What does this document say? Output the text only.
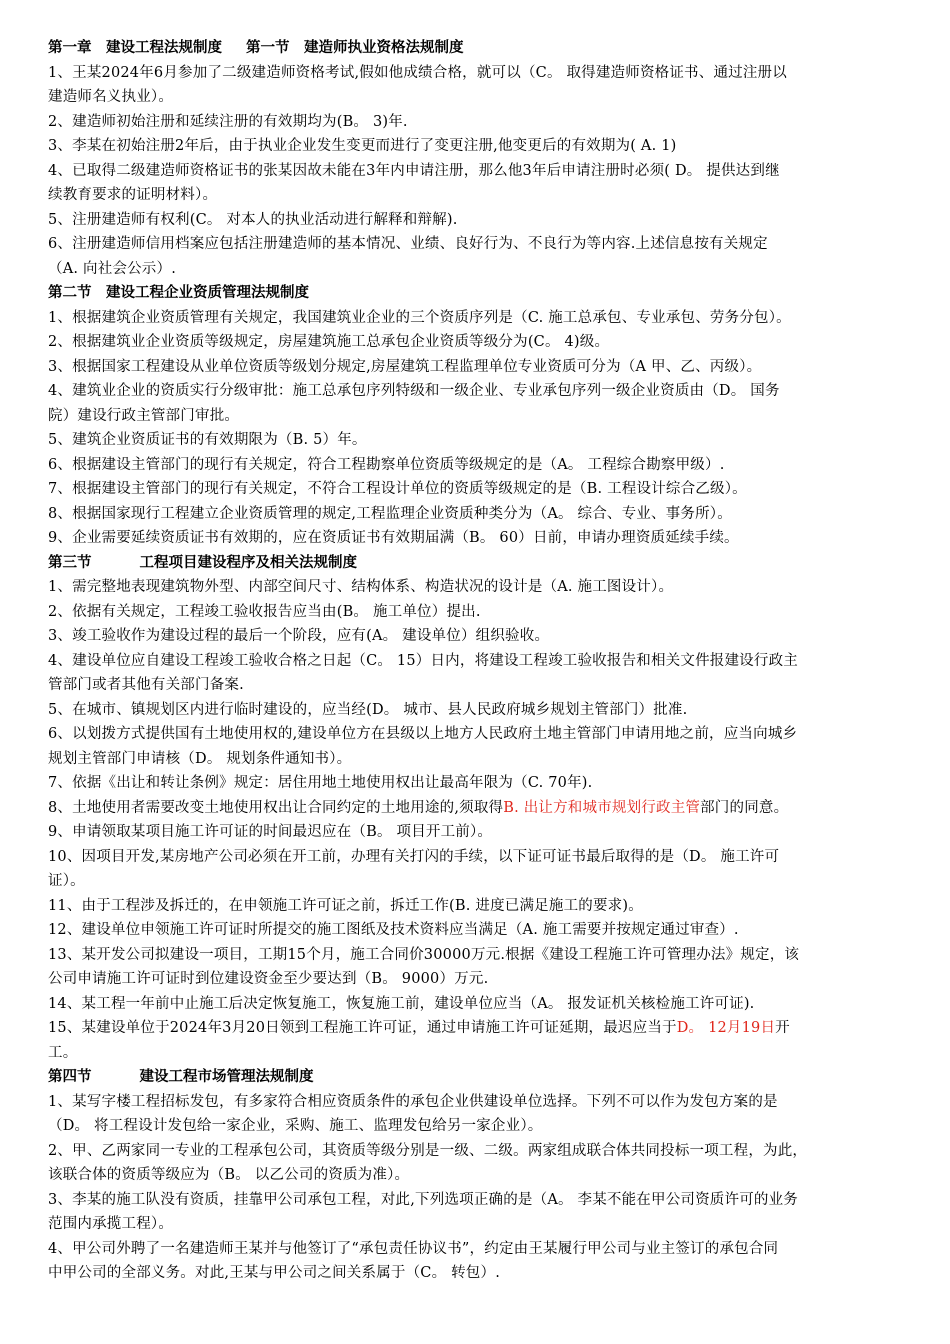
第一章　建设工程法规制度 第一节　建造师执业资格法规制度
1、王某2024年6月参加了二级建造师资格考试,假如他成绩合格，就可以（C。 取得建造师资格证书、通过注册以
建造师名义执业）。
2、建造师初始注册和延续注册的有效期均为(B。 3)年.
3、李某在初始注册2年后，由于执业企业发生变更而进行了变更注册,他变更后的有效期为( A. 1)
4、已取得二级建造师资格证书的张某因故未能在3年内申请注册，那么他3年后申请注册时必须( D。 提供达到继
续教育要求的证明材料）。
5、注册建造师有权利(C。 对本人的执业活动进行解释和辩解).
6、注册建造师信用档案应包括注册建造师的基本情况、业绩、良好行为、不良行为等内容.上述信息按有关规定
（A. 向社会公示）.
第二节　建设工程企业资质管理法规制度
1、根据建筑企业资质管理有关规定，我国建筑业企业的三个资质序列是（C. 施工总承包、专业承包、劳务分包）。
2、根据建筑业企业资质等级规定，房屋建筑施工总承包企业资质等级分为(C。 4)级。
3、根据国家工程建设从业单位资质等级划分规定,房屋建筑工程监理单位专业资质可分为（A 甲、乙、丙级）。
4、建筑业企业的资质实行分级审批：施工总承包序列特级和一级企业、专业承包序列一级企业资质由（D。 国务
院）建设行政主管部门审批。
5、建筑企业资质证书的有效期限为（B. 5）年。
6、根据建设主管部门的现行有关规定，符合工程勘察单位资质等级规定的是（A。 工程综合勘察甲级）.
7、根据建设主管部门的现行有关规定，不符合工程设计单位的资质等级规定的是（B. 工程设计综合乙级）。
8、根据国家现行工程建立企业资质管理的规定,工程监理企业资质种类分为（A。 综合、专业、事务所）。
9、企业需要延续资质证书有效期的，应在资质证书有效期届满（B。 60）日前，申请办理资质延续手续。
第三节	工程项目建设程序及相关法规制度
1、需完整地表现建筑物外型、内部空间尺寸、结构体系、构造状况的设计是（A. 施工图设计）。
2、依据有关规定，工程竣工验收报告应当由(B。 施工单位）提出.
3、竣工验收作为建设过程的最后一个阶段，应有(A。 建设单位）组织验收。
4、建设单位应自建设工程竣工验收合格之日起（C。 15）日内，将建设工程竣工验收报告和相关文件报建设行政主
管部门或者其他有关部门备案.
5、在城市、镇规划区内进行临时建设的，应当经(D。 城市、县人民政府城乡规划主管部门）批准.
6、以划拨方式提供国有土地使用权的,建设单位方在县级以上地方人民政府土地主管部门申请用地之前，应当向城乡
规划主管部门申请核（D。 规划条件通知书）。
7、依据《出让和转让条例》规定：居住用地土地使用权出让最高年限为（C. 70年).
8、土地使用者需要改变土地使用权出让合同约定的土地用途的,须取得B. 出让方和城市规划行政主管部门的同意。
9、申请领取某项目施工许可证的时间最迟应在（B。 项目开工前）。
10、因项目开发,某房地产公司必须在开工前，办理有关打闪的手续，以下证可证书最后取得的是（D。 施工许可
证）。
11、由于工程涉及拆迁的，在申领施工许可证之前，拆迁工作(B. 进度已满足施工的要求)。
12、建设单位申领施工许可证时所提交的施工图纸及技术资料应当满足（A. 施工需要并按规定通过审查）.
13、某开发公司拟建设一项目，工期15个月，施工合同价30000万元.根据《建设工程施工许可管理办法》规定，该
公司申请施工许可证时到位建设资金至少要达到（B。 9000）万元.
14、某工程一年前中止施工后决定恢复施工，恢复施工前，建设单位应当（A。 报发证机关核检施工许可证).
15、某建设单位于2024年3月20日领到工程施工许可证，通过申请施工许可证延期，最迟应当于D。 12月19日开
工。
第四节	建设工程市场管理法规制度
1、某写字楼工程招标发包，有多家符合相应资质条件的承包企业供建设单位选择。下列不可以作为发包方案的是
（D。 将工程设计发包给一家企业，采购、施工、监理发包给另一家企业）。
2、甲、乙两家同一专业的工程承包公司，其资质等级分别是一级、二级。两家组成联合体共同投标一项工程，为此，
该联合体的资质等级应为（B。 以乙公司的资质为准）。
3、李某的施工队没有资质，挂靠甲公司承包工程，对此,下列选项正确的是（A。 李某不能在甲公司资质许可的业务
范围内承揽工程）。
4、甲公司外聘了一名建造师王某并与他签订了“承包责任协议书”，约定由王某履行甲公司与业主签订的承包合同
中甲公司的全部义务。对此,王某与甲公司之间关系属于（C。 转包）.
